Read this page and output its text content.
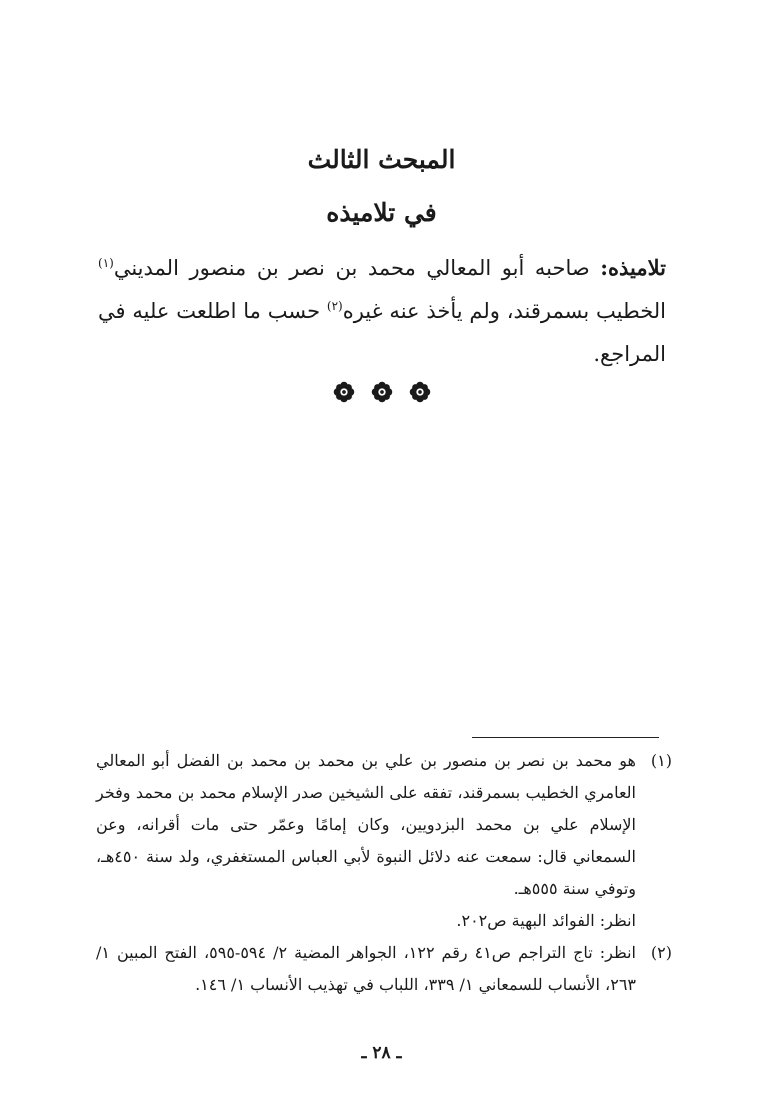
المبحث الثالث
في تلاميذه
تلاميذه: صاحبه أبو المعالي محمد بن نصر بن منصور المديني$^{(١)}$ الخطيب بسمرقند، ولم يأخذ عنه غيره$^{(٢)}$ حسب ما اطلعت عليه في المراجع.
(١)
هو محمد بن نصر بن منصور بن علي بن محمد بن محمد بن الفضل أبو المعالي العامري الخطيب بسمرقند، تفقه على الشيخين صدر الإسلام محمد بن محمد وفخر الإسلام علي بن محمد البزدويين، وكان إمامًا وعمّر حتى مات أقرانه، وعن السمعاني قال: سمعت عنه دلائل النبوة لأبي العباس المستغفري، ولد سنة ٤٥٠هـ، وتوفي سنة ٥٥٥هـ.
انظر: الفوائد البهية ص٢٠٢.
(٢)
انظر: تاج التراجم ص٤١ رقم ١٢٢، الجواهر المضية ٢/ ٥٩٤-٥٩٥، الفتح المبين ١/ ٢٦٣، الأنساب للسمعاني ١/ ٣٣٩، اللباب في تهذيب الأنساب ١/ ١٤٦.
ـ ٢٨ ـ
